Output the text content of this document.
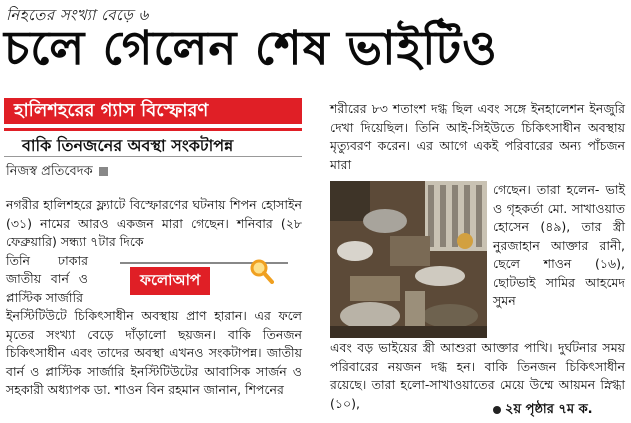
নিহতের সংখ্যা বেড়ে ৬
চলে গেলেন শেষ ভাইটিও
হালিশহরের গ্যাস বিস্ফোরণ
বাকি তিনজনের অবস্থা সংকটাপন্ন
নিজস্ব প্রতিবেদক

নগরীর হালিশহরে ফ্ল্যাটে বিস্ফোরণের ঘটনায় শিপন হোসাইন (৩১) নামের আরও একজন মারা গেছেন। শনিবার (২৮ ফেব্রুয়ারি) সন্ধ্যা ৭টার দিকে

তিনি ঢাকার জাতীয় বার্ন ও প্লাস্টিক সার্জারি

ইনস্টিটিউটে চিকিৎসাধীন অবস্থায় প্রাণ হারান। এর ফলে মৃতের সংখ্যা বেড়ে দাঁড়ালো ছয়জন। বাকি তিনজন চিকিৎসাধীন এবং তাদের অবস্থা এখনও সংকটাপন্ন। জাতীয় বার্ন ও প্লাস্টিক সার্জারি ইনস্টিটিউটের আবাসিক সার্জন ও সহকারী অধ্যাপক ডা. শাওন বিন রহমান জানান, শিপনের

ফলোআপ

শরীরের ৮৩ শতাংশ দগ্ধ ছিল এবং সঙ্গে ইনহালেশন ইনজুরি দেখা দিয়েছিল। তিনি আই-সিইউতে চিকিৎসাধীন অবস্থায় মৃত্যুবরণ করেন। এর আগে একই পরিবারের অন্য পাঁচজন মারা

গেছেন। তারা হলেন- ভাই ও গৃহকর্তা মো. সাখাওয়াত হোসেন (৪৯), তার স্ত্রী নুরজাহান আক্তার রানী, ছেলে শাওন (১৬), ছোটভাই সামির আহমেদ সুমন

এবং বড় ভাইয়ের স্ত্রী আশুরা আক্তার পাখি। দুর্ঘটনার সময় পরিবারের নয়জন দগ্ধ হন। বাকি তিনজন চিকিৎসাধীন রয়েছে। তারা হলো-সাখাওয়াতের মেয়ে উম্মে আয়মন স্নিগ্ধা (১০),	২য় পৃষ্ঠার ৭ম ক.
